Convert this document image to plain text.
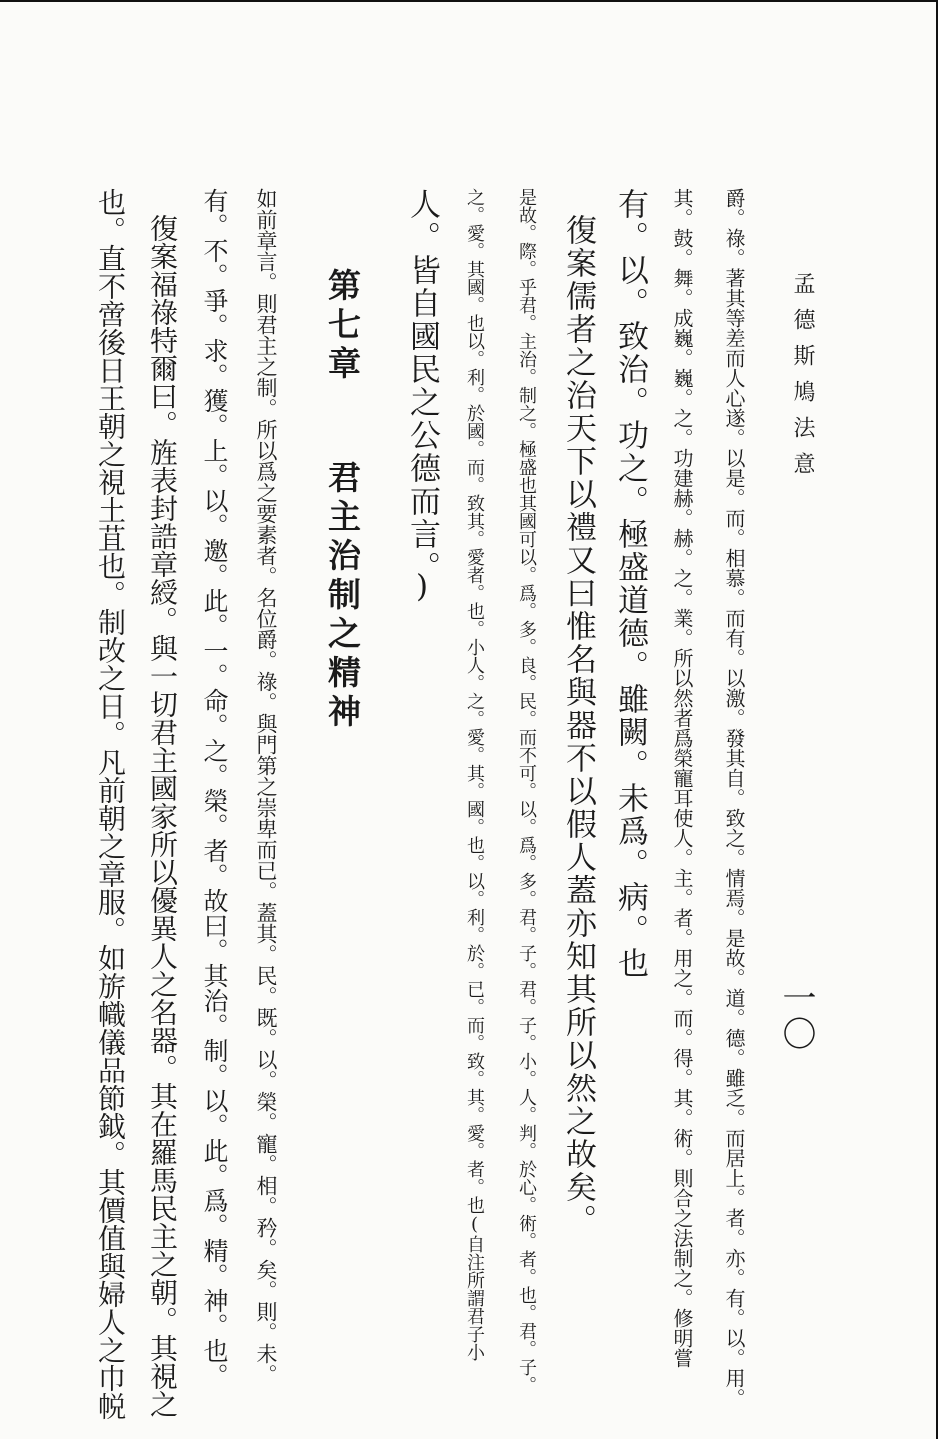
孟德斯鳩法意
一〇
爵。祿。著其等差而人心遂。以是。而。相慕。而有。以激。發其自。致之。情焉。是故。道。德。雖乏。而居上。者。亦。有。以。用。
其。鼓。舞。成巍。巍。之。功建赫。赫。之。業。所以然者爲榮寵耳使人。主。者。用之。而。得。其。術。則合之法制之。修明嘗
有。以。致治。功之。極盛道德。雖闕。未爲。病。也
復案儒者之治天下以禮又曰惟名與器不以假人蓋亦知其所以然之故矣。
是故。際。乎君。主治。制之。極盛也其國可以。爲。多。良。民。而不可。以。爲。多。君。子。君。子。小。人。判。於心。術。者。也。君。子。
之。愛。其國。也以。利。於國。而。致其。愛者。也。小人。之。愛。其。國。也。以。利。於。已。而。致。其。愛。者。也(自注所謂君子小
人。皆自國民之公德而言。)
第七章 君主治制之精神
如前章言。則君主之制。所以爲之要素者。名位爵。祿。與門第之崇卑而已。蓋其。民。既。以。榮。寵。相。矜。矣。則。未。
有。不。爭。求。獲。上。以。邀。此。一。命。之。榮。者。故曰。其治。制。以。此。爲。精。神。也。
復案福祿特爾曰。旌表封誥章綬。與一切君主國家所以優異人之名器。其在羅馬民主之朝。其視之
也。直不啻後日王朝之視土苴也。制改之日。凡前朝之章服。如旂幟儀品節鉞。其價值與婦人之巾帨
